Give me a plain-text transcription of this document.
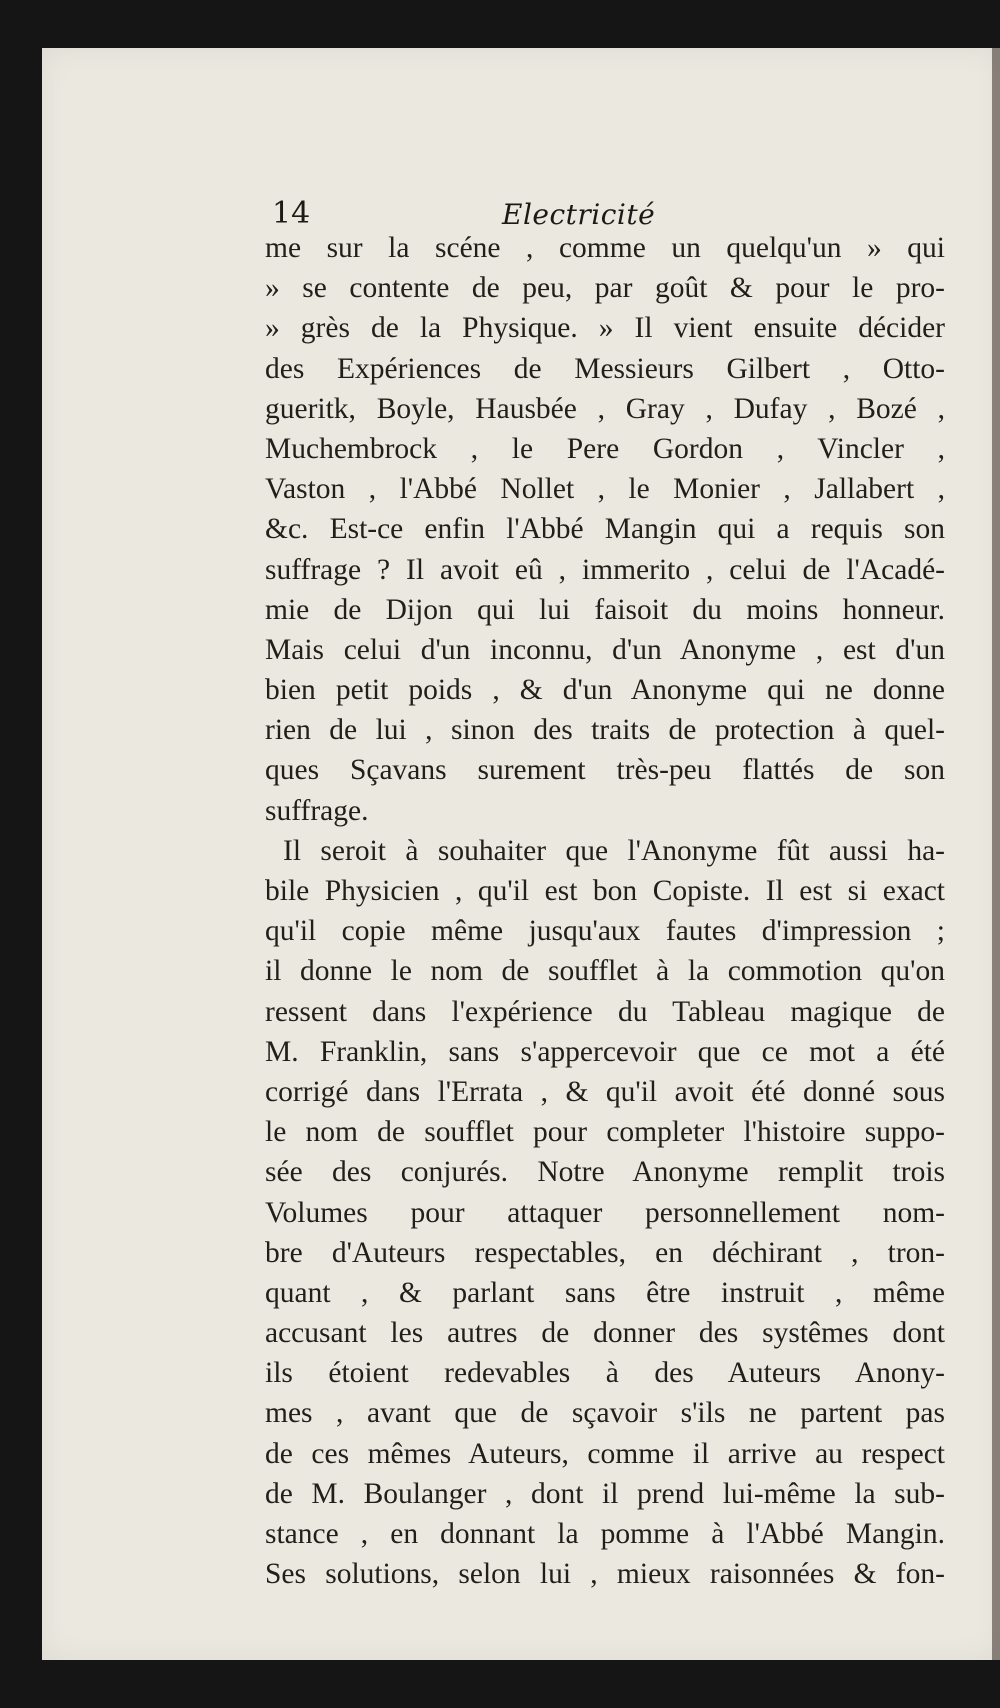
14	Electricité
me sur la scéne , comme un quelqu'un » qui
» se contente de peu, par goût & pour le pro-
» grès de la Physique. » Il vient ensuite décider
des Expériences de Messieurs Gilbert , Otto-
gueritk, Boyle, Hausbée , Gray , Dufay , Bozé ,
Muchembrock , le Pere Gordon , Vincler ,
Vaston , l'Abbé Nollet , le Monier , Jallabert ,
&c. Est-ce enfin l'Abbé Mangin qui a requis son
suffrage ? Il avoit eû , immerito , celui de l'Acadé-
mie de Dijon qui lui faisoit du moins honneur.
Mais celui d'un inconnu, d'un Anonyme , est d'un
bien petit poids , & d'un Anonyme qui ne donne
rien de lui , sinon des traits de protection à quel-
ques Sçavans surement très-peu flattés de son
suffrage.
Il seroit à souhaiter que l'Anonyme fût aussi ha-
bile Physicien , qu'il est bon Copiste. Il est si exact
qu'il copie même jusqu'aux fautes d'impression ;
il donne le nom de soufflet à la commotion qu'on
ressent dans l'expérience du Tableau magique de
M. Franklin, sans s'appercevoir que ce mot a été
corrigé dans l'Errata , & qu'il avoit été donné sous
le nom de soufflet pour completer l'histoire suppo-
sée des conjurés. Notre Anonyme remplit trois
Volumes pour attaquer personnellement nom-
bre d'Auteurs respectables, en déchirant , tron-
quant , & parlant sans être instruit , même
accusant les autres de donner des systêmes dont
ils étoient redevables à des Auteurs Anony-
mes , avant que de sçavoir s'ils ne partent pas
de ces mêmes Auteurs, comme il arrive au respect
de M. Boulanger , dont il prend lui-même la sub-
stance , en donnant la pomme à l'Abbé Mangin.
Ses solutions, selon lui , mieux raisonnées & fon-
